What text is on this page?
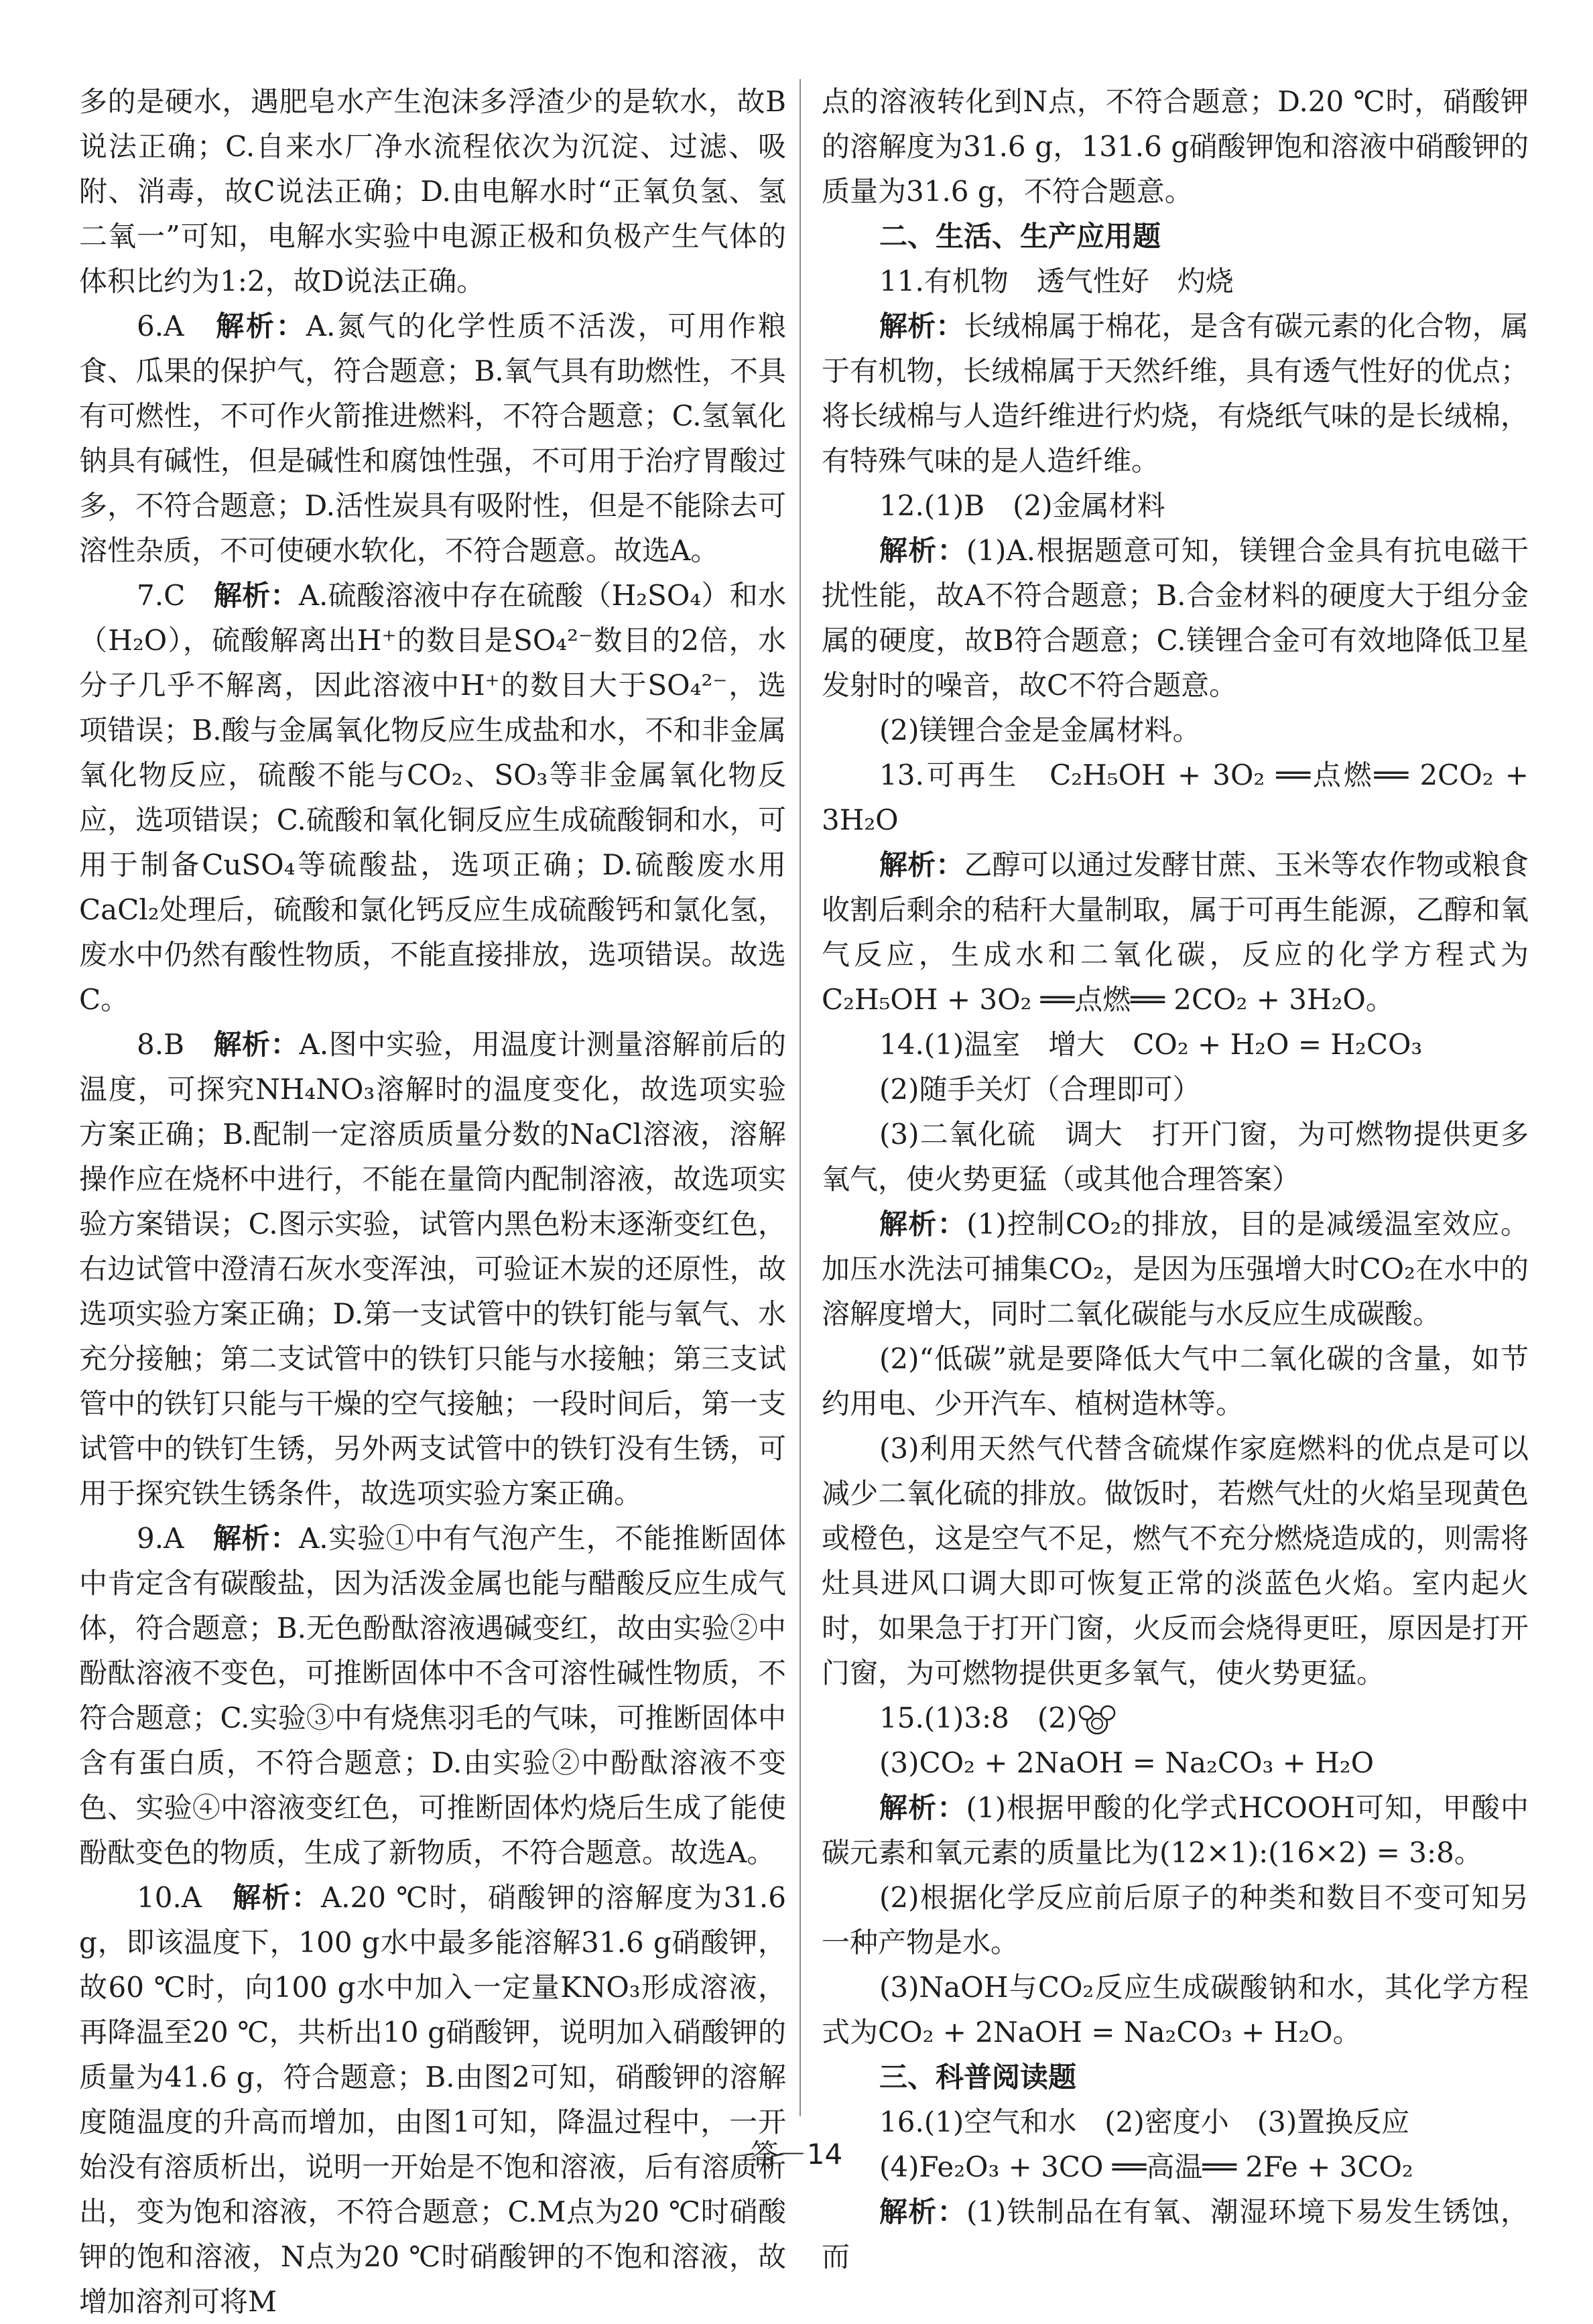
多的是硬水，遇肥皂水产生泡沫多浮渣少的是软水，故B说法正确；C.自来水厂净水流程依次为沉淀、过滤、吸附、消毒，故C说法正确；D.由电解水时“正氧负氢、氢二氧一”可知，电解水实验中电源正极和负极产生气体的体积比约为1:2，故D说法正确。

6.A　 解析：A.氮气的化学性质不活泼，可用作粮食、瓜果的保护气，符合题意；B.氧气具有助燃性，不具有可燃性，不可作火箭推进燃料，不符合题意；C.氢氧化钠具有碱性，但是碱性和腐蚀性强，不可用于治疗胃酸过多，不符合题意；D.活性炭具有吸附性，但是不能除去可溶性杂质，不可使硬水软化，不符合题意。故选A。

7.C　 解析：A.硫酸溶液中存在硫酸（H₂SO₄）和水（H₂O），硫酸解离出H⁺的数目是SO₄²⁻数目的2倍，水分子几乎不解离，因此溶液中H⁺的数目大于SO₄²⁻，选项错误；B.酸与金属氧化物反应生成盐和水，不和非金属氧化物反应，硫酸不能与CO₂、SO₃等非金属氧化物反应，选项错误；C.硫酸和氧化铜反应生成硫酸铜和水，可用于制备CuSO₄等硫酸盐，选项正确；D.硫酸废水用CaCl₂处理后，硫酸和氯化钙反应生成硫酸钙和氯化氢，废水中仍然有酸性物质，不能直接排放，选项错误。故选C。

8.B　 解析：A.图中实验，用温度计测量溶解前后的温度，可探究NH₄NO₃溶解时的温度变化，故选项实验方案正确；B.配制一定溶质质量分数的NaCl溶液，溶解操作应在烧杯中进行，不能在量筒内配制溶液，故选项实验方案错误；C.图示实验，试管内黑色粉末逐渐变红色，右边试管中澄清石灰水变浑浊，可验证木炭的还原性，故选项实验方案正确；D.第一支试管中的铁钉能与氧气、水充分接触；第二支试管中的铁钉只能与水接触；第三支试管中的铁钉只能与干燥的空气接触；一段时间后，第一支试管中的铁钉生锈，另外两支试管中的铁钉没有生锈，可用于探究铁生锈条件，故选项实验方案正确。

9.A　 解析：A.实验①中有气泡产生，不能推断固体中肯定含有碳酸盐，因为活泼金属也能与醋酸反应生成气体，符合题意；B.无色酚酞溶液遇碱变红，故由实验②中酚酞溶液不变色，可推断固体中不含可溶性碱性物质，不符合题意；C.实验③中有烧焦羽毛的气味，可推断固体中含有蛋白质，不符合题意；D.由实验②中酚酞溶液不变色、实验④中溶液变红色，可推断固体灼烧后生成了能使酚酞变色的物质，生成了新物质，不符合题意。故选A。

10.A　 解析：A.20 ℃时，硝酸钾的溶解度为31.6 g，即该温度下，100 g水中最多能溶解31.6 g硝酸钾，故60 ℃时，向100 g水中加入一定量KNO₃形成溶液，再降温至20 ℃，共析出10 g硝酸钾，说明加入硝酸钾的质量为41.6 g，符合题意；B.由图2可知，硝酸钾的溶解度随温度的升高而增加，由图1可知，降温过程中，一开始没有溶质析出，说明一开始是不饱和溶液，后有溶质析出，变为饱和溶液，不符合题意；C.M点为20 ℃时硝酸钾的饱和溶液，N点为20 ℃时硝酸钾的不饱和溶液，故增加溶剂可将M

点的溶液转化到N点，不符合题意；D.20 ℃时，硝酸钾的溶解度为31.6 g，131.6 g硝酸钾饱和溶液中硝酸钾的质量为31.6 g，不符合题意。

二、生活、生产应用题

11.有机物　透气性好　灼烧

解析：长绒棉属于棉花，是含有碳元素的化合物，属于有机物，长绒棉属于天然纤维，具有透气性好的优点；将长绒棉与人造纤维进行灼烧，有烧纸气味的是长绒棉，有特殊气味的是人造纤维。

12.(1)B　(2)金属材料

解析：(1)A.根据题意可知，镁锂合金具有抗电磁干扰性能，故A不符合题意；B.合金材料的硬度大于组分金属的硬度，故B符合题意；C.镁锂合金可有效地降低卫星发射时的噪音，故C不符合题意。

(2)镁锂合金是金属材料。

13.可再生　C₂H₅OH + 3O₂ ══点燃══ 2CO₂ + 3H₂O

解析：乙醇可以通过发酵甘蔗、玉米等农作物或粮食收割后剩余的秸秆大量制取，属于可再生能源，乙醇和氧气反应，生成水和二氧化碳，反应的化学方程式为C₂H₅OH + 3O₂ ══点燃══ 2CO₂ + 3H₂O。

14.(1)温室　增大　CO₂ + H₂O = H₂CO₃

(2)随手关灯（合理即可）

(3)二氧化硫　调大　打开门窗，为可燃物提供更多氧气，使火势更猛（或其他合理答案）

解析：(1)控制CO₂的排放，目的是减缓温室效应。加压水洗法可捕集CO₂，是因为压强增大时CO₂在水中的溶解度增大，同时二氧化碳能与水反应生成碳酸。

(2)“低碳”就是要降低大气中二氧化碳的含量，如节约用电、少开汽车、植树造林等。

(3)利用天然气代替含硫煤作家庭燃料的优点是可以减少二氧化硫的排放。做饭时，若燃气灶的火焰呈现黄色或橙色，这是空气不足，燃气不充分燃烧造成的，则需将灶具进风口调大即可恢复正常的淡蓝色火焰。室内起火时，如果急于打开门窗，火反而会烧得更旺，原因是打开门窗，为可燃物提供更多氧气，使火势更猛。

15.(1)3:8　(2)

(3)CO₂ + 2NaOH = Na₂CO₃ + H₂O

解析：(1)根据甲酸的化学式HCOOH可知，甲酸中碳元素和氧元素的质量比为(12×1):(16×2) = 3:8。

(2)根据化学反应前后原子的种类和数目不变可知另一种产物是水。

(3)NaOH与CO₂反应生成碳酸钠和水，其化学方程式为CO₂ + 2NaOH = Na₂CO₃ + H₂O。

三、科普阅读题

16.(1)空气和水　(2)密度小　(3)置换反应

(4)Fe₂O₃ + 3CO ══高温══ 2Fe + 3CO₂

解析：(1)铁制品在有氧、潮湿环境下易发生锈蚀，而

答－14
